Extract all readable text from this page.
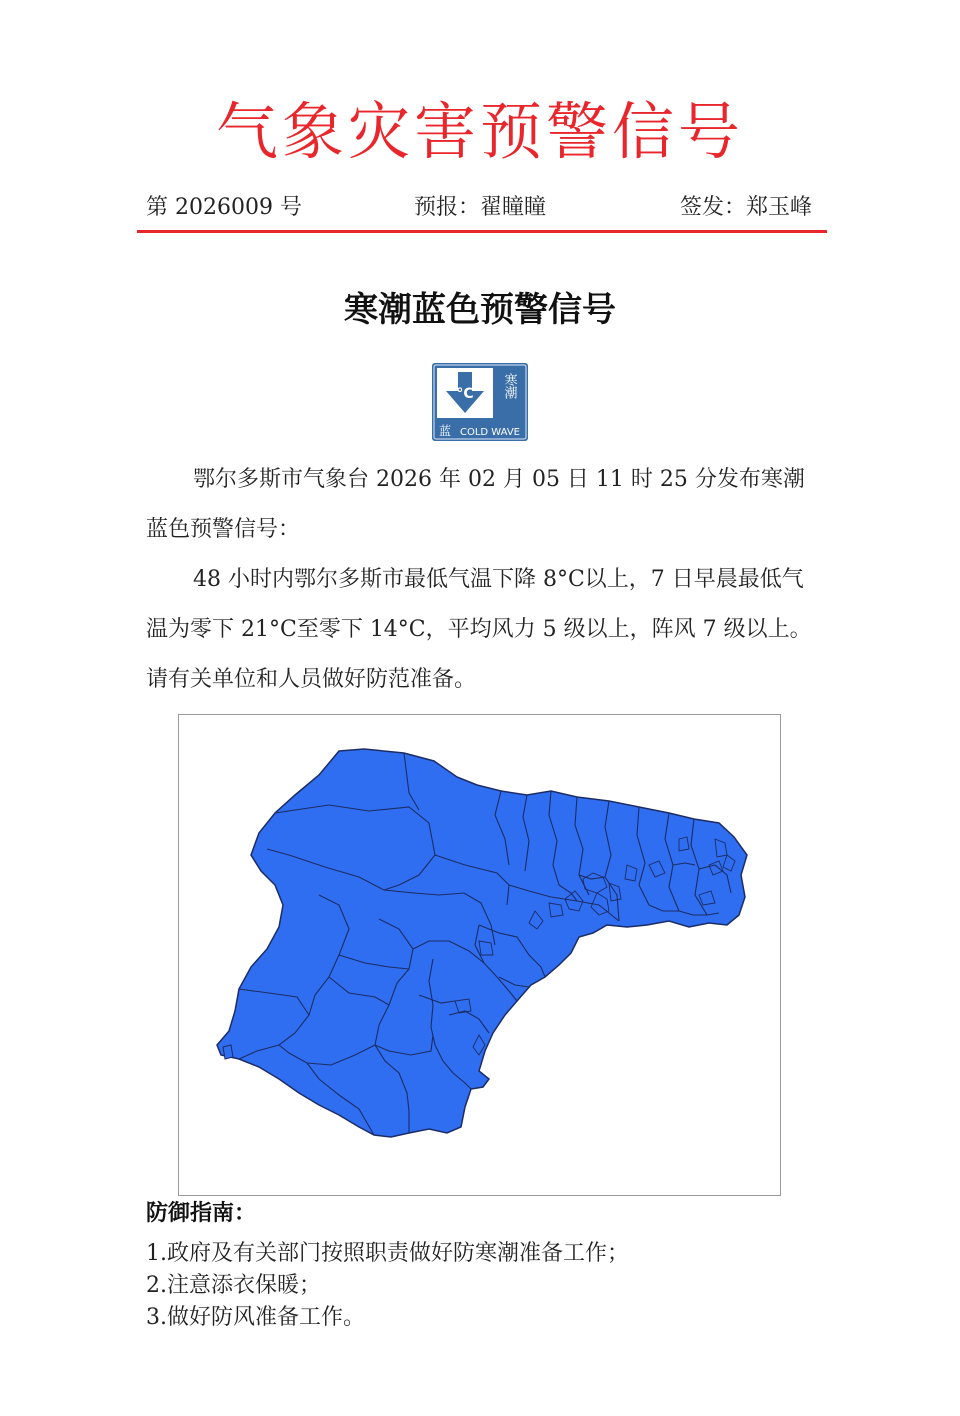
气象灾害预警信号
第 2026009 号	预报：翟瞳瞳	签发：郑玉峰
寒潮蓝色预警信号
°C 寒潮
蓝 COLD WAVE
鄂尔多斯市气象台 2026 年 02 月 05 日 11 时 25 分发布寒潮蓝色预警信号：
48 小时内鄂尔多斯市最低气温下降 8°C以上，7 日早晨最低气温为零下 21°C至零下 14°C，平均风力 5 级以上，阵风 7 级以上。请有关单位和人员做好防范准备。
防御指南：
1.政府及有关部门按照职责做好防寒潮准备工作；
2.注意添衣保暖；
3.做好防风准备工作。
